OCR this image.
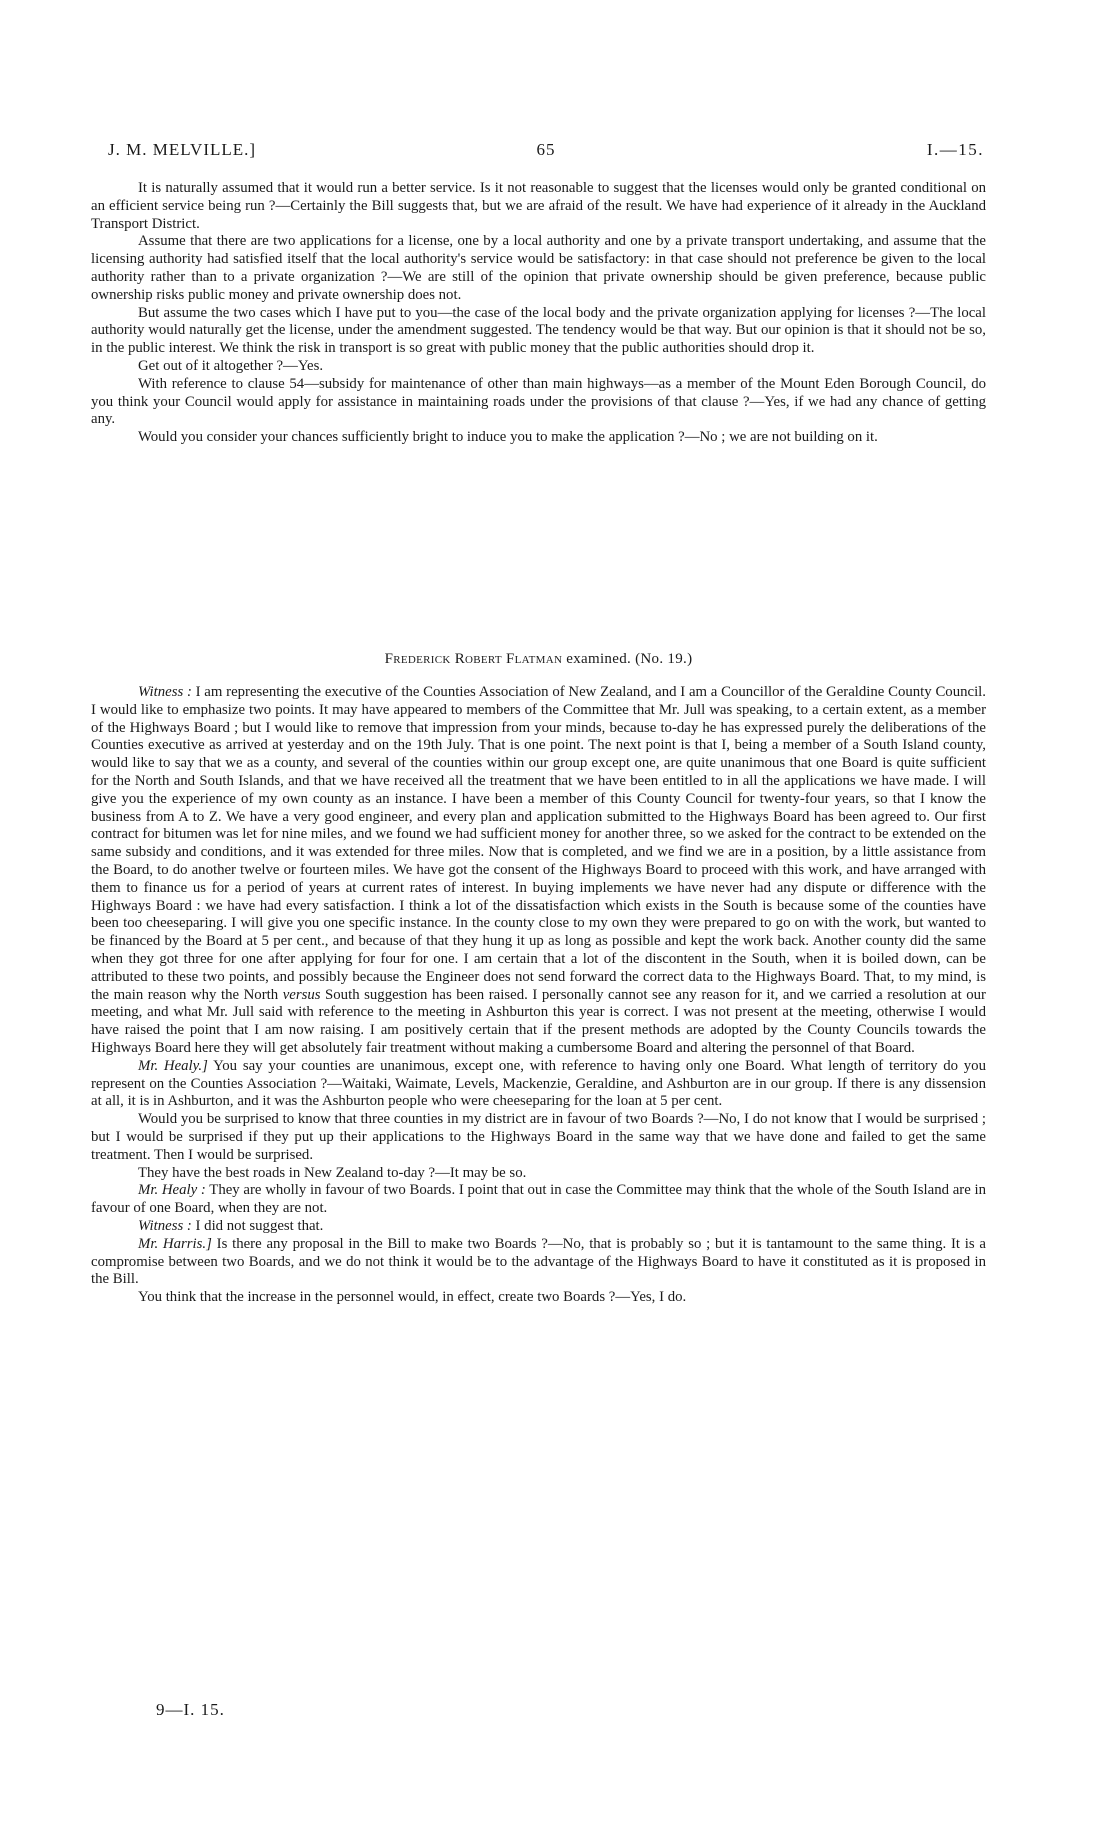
J. M. MELVILLE.]	65	I.—15.

It is naturally assumed that it would run a better service. Is it not reasonable to suggest that the licenses would only be granted conditional on an efficient service being run ?—Certainly the Bill suggests that, but we are afraid of the result. We have had experience of it already in the Auckland Transport District.

Assume that there are two applications for a license, one by a local authority and one by a private transport undertaking, and assume that the licensing authority had satisfied itself that the local authority's service would be satisfactory: in that case should not preference be given to the local authority rather than to a private organization ?—We are still of the opinion that private ownership should be given preference, because public ownership risks public money and private ownership does not.

But assume the two cases which I have put to you—the case of the local body and the private organization applying for licenses ?—The local authority would naturally get the license, under the amendment suggested. The tendency would be that way. But our opinion is that it should not be so, in the public interest. We think the risk in transport is so great with public money that the public authorities should drop it.

Get out of it altogether ?—Yes.

With reference to clause 54—subsidy for maintenance of other than main highways—as a member of the Mount Eden Borough Council, do you think your Council would apply for assistance in maintaining roads under the provisions of that clause ?—Yes, if we had any chance of getting any.

Would you consider your chances sufficiently bright to induce you to make the application ?—No ; we are not building on it.

Frederick Robert Flatman examined. (No. 19.)

Witness : I am representing the executive of the Counties Association of New Zealand, and I am a Councillor of the Geraldine County Council. I would like to emphasize two points. It may have appeared to members of the Committee that Mr. Jull was speaking, to a certain extent, as a member of the Highways Board ; but I would like to remove that impression from your minds, because to-day he has expressed purely the deliberations of the Counties executive as arrived at yesterday and on the 19th July. That is one point. The next point is that I, being a member of a South Island county, would like to say that we as a county, and several of the counties within our group except one, are quite unanimous that one Board is quite sufficient for the North and South Islands, and that we have received all the treatment that we have been entitled to in all the applications we have made. I will give you the experience of my own county as an instance. I have been a member of this County Council for twenty-four years, so that I know the business from A to Z. We have a very good engineer, and every plan and application submitted to the Highways Board has been agreed to. Our first contract for bitumen was let for nine miles, and we found we had sufficient money for another three, so we asked for the contract to be extended on the same subsidy and conditions, and it was extended for three miles. Now that is completed, and we find we are in a position, by a little assistance from the Board, to do another twelve or fourteen miles. We have got the consent of the Highways Board to proceed with this work, and have arranged with them to finance us for a period of years at current rates of interest. In buying implements we have never had any dispute or difference with the Highways Board : we have had every satisfaction. I think a lot of the dissatisfaction which exists in the South is because some of the counties have been too cheeseparing. I will give you one specific instance. In the county close to my own they were prepared to go on with the work, but wanted to be financed by the Board at 5 per cent., and because of that they hung it up as long as possible and kept the work back. Another county did the same when they got three for one after applying for four for one. I am certain that a lot of the discontent in the South, when it is boiled down, can be attributed to these two points, and possibly because the Engineer does not send forward the correct data to the Highways Board. That, to my mind, is the main reason why the North versus South suggestion has been raised. I personally cannot see any reason for it, and we carried a resolution at our meeting, and what Mr. Jull said with reference to the meeting in Ashburton this year is correct. I was not present at the meeting, otherwise I would have raised the point that I am now raising. I am positively certain that if the present methods are adopted by the County Councils towards the Highways Board here they will get absolutely fair treatment without making a cumbersome Board and altering the personnel of that Board.

Mr. Healy.] You say your counties are unanimous, except one, with reference to having only one Board. What length of territory do you represent on the Counties Association ?—Waitaki, Waimate, Levels, Mackenzie, Geraldine, and Ashburton are in our group. If there is any dissension at all, it is in Ashburton, and it was the Ashburton people who were cheeseparing for the loan at 5 per cent.

Would you be surprised to know that three counties in my district are in favour of two Boards ?—No, I do not know that I would be surprised ; but I would be surprised if they put up their applications to the Highways Board in the same way that we have done and failed to get the same treatment. Then I would be surprised.

They have the best roads in New Zealand to-day ?—It may be so.

Mr. Healy : They are wholly in favour of two Boards. I point that out in case the Committee may think that the whole of the South Island are in favour of one Board, when they are not.

Witness : I did not suggest that.

Mr. Harris.] Is there any proposal in the Bill to make two Boards ?—No, that is probably so ; but it is tantamount to the same thing. It is a compromise between two Boards, and we do not think it would be to the advantage of the Highways Board to have it constituted as it is proposed in the Bill.

You think that the increase in the personnel would, in effect, create two Boards ?—Yes, I do.

9—I. 15.
